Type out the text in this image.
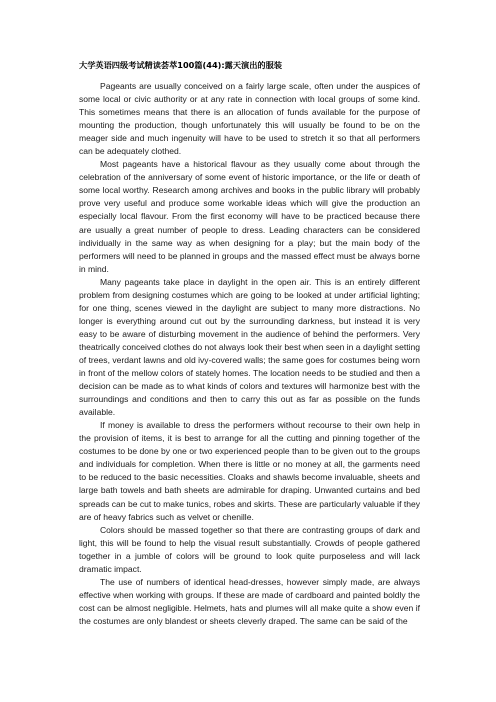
大学英语四级考试精读荟萃100篇(44):露天演出的服装

Pageants are usually conceived on a fairly large scale, often under the auspices of some local or civic authority or at any rate in connection with local groups of some kind. This sometimes means that there is an allocation of funds available for the purpose of mounting the production, though unfortunately this will usually be found to be on the meager side and much ingenuity will have to be used to stretch it so that all performers can be adequately clothed.

Most pageants have a historical flavour as they usually come about through the celebration of the anniversary of some event of historic importance, or the life or death of some local worthy. Research among archives and books in the public library will probably prove very useful and produce some workable ideas which will give the production an especially local flavour. From the first economy will have to be practiced because there are usually a great number of people to dress. Leading characters can be considered individually in the same way as when designing for a play; but the main body of the performers will need to be planned in groups and the massed effect must be always borne in mind.

Many pageants take place in daylight in the open air. This is an entirely different problem from designing costumes which are going to be looked at under artificial lighting; for one thing, scenes viewed in the daylight are subject to many more distractions. No longer is everything around cut out by the surrounding darkness, but instead it is very easy to be aware of disturbing movement in the audience of behind the performers. Very theatrically conceived clothes do not always look their best when seen in a daylight setting of trees, verdant lawns and old ivy-covered walls; the same goes for costumes being worn in front of the mellow colors of stately homes. The location needs to be studied and then a decision can be made as to what kinds of colors and textures will harmonize best with the surroundings and conditions and then to carry this out as far as possible on the funds available.

If money is available to dress the performers without recourse to their own help in the provision of items, it is best to arrange for all the cutting and pinning together of the costumes to be done by one or two experienced people than to be given out to the groups and individuals for completion. When there is little or no money at all, the garments need to be reduced to the basic necessities. Cloaks and shawls become invaluable, sheets and large bath towels and bath sheets are admirable for draping. Unwanted curtains and bed spreads can be cut to make tunics, robes and skirts. These are particularly valuable if they are of heavy fabrics such as velvet or chenille.

Colors should be massed together so that there are contrasting groups of dark and light, this will be found to help the visual result substantially. Crowds of people gathered together in a jumble of colors will be ground to look quite purposeless and will lack dramatic impact.

The use of numbers of identical head-dresses, however simply made, are always effective when working with groups. If these are made of cardboard and painted boldly the cost can be almost negligible. Helmets, hats and plumes will all make quite a show even if the costumes are only blandest or sheets cleverly draped. The same can be said of the
